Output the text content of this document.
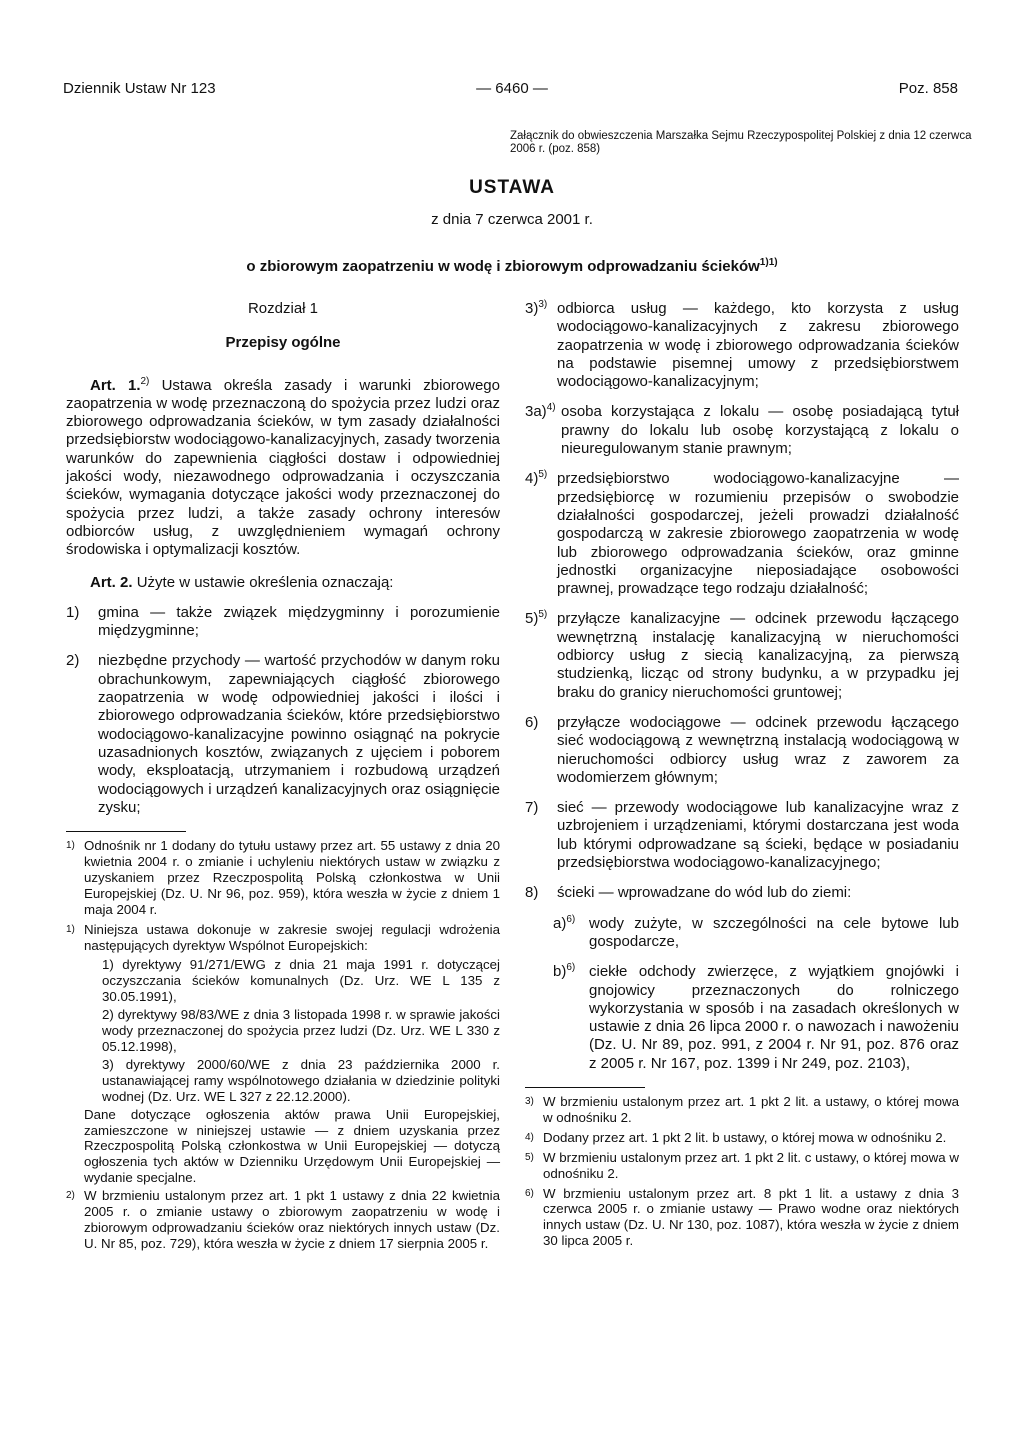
Dziennik Ustaw Nr 123	— 6460 —	Poz. 858
Załącznik do obwieszczenia Marszałka Sejmu Rzeczypospolitej Polskiej z dnia 12 czerwca 2006 r. (poz. 858)
USTAWA
z dnia 7 czerwca 2001 r.
o zbiorowym zaopatrzeniu w wodę i zbiorowym odprowadzaniu ścieków$^{1)1)}$
Rozdział 1
Przepisy ogólne

Art. 1.$^{2)}$ Ustawa określa zasady i warunki zbiorowego zaopatrzenia w wodę przeznaczoną do spożycia przez ludzi oraz zbiorowego odprowadzania ścieków, w tym zasady działalności przedsiębiorstw wodociągowo-kanalizacyjnych, zasady tworzenia warunków do zapewnienia ciągłości dostaw i odpowiedniej jakości wody, niezawodnego odprowadzania i oczyszczania ścieków, wymagania dotyczące jakości wody przeznaczonej do spożycia przez ludzi, a także zasady ochrony interesów odbiorców usług, z uwzględnieniem wymagań ochrony środowiska i optymalizacji kosztów.

Art. 2. Użyte w ustawie określenia oznaczają:

1)	gmina — także związek międzygminny i porozumienie międzygminne;
2)	niezbędne przychody — wartość przychodów w danym roku obrachunkowym, zapewniających ciągłość zbiorowego zaopatrzenia w wodę odpowiedniej jakości i ilości i zbiorowego odprowadzania ścieków, które przedsiębiorstwo wodociągowo-kanalizacyjne powinno osiągnąć na pokrycie uzasadnionych kosztów, związanych z ujęciem i poborem wody, eksploatacją, utrzymaniem i rozbudową urządzeń wodociągowych i urządzeń kanalizacyjnych oraz osiągnięcie zysku;
1) Odnośnik nr 1 dodany do tytułu ustawy przez art. 55 ustawy z dnia 20 kwietnia 2004 r. o zmianie i uchyleniu niektórych ustaw w związku z uzyskaniem przez Rzeczpospolitą Polską członkostwa w Unii Europejskiej (Dz. U. Nr 96, poz. 959), która weszła w życie z dniem 1 maja 2004 r.
1) Niniejsza ustawa dokonuje w zakresie swojej regulacji wdrożenia następujących dyrektyw Wspólnot Europejskich:
1) dyrektywy 91/271/EWG z dnia 21 maja 1991 r. dotyczącej oczyszczania ścieków komunalnych (Dz. Urz. WE L 135 z 30.05.1991),
2) dyrektywy 98/83/WE z dnia 3 listopada 1998 r. w sprawie jakości wody przeznaczonej do spożycia przez ludzi (Dz. Urz. WE L 330 z 05.12.1998),
3) dyrektywy 2000/60/WE z dnia 23 października 2000 r. ustanawiającej ramy wspólnotowego działania w dziedzinie polityki wodnej (Dz. Urz. WE L 327 z 22.12.2000).
Dane dotyczące ogłoszenia aktów prawa Unii Europejskiej, zamieszczone w niniejszej ustawie — z dniem uzyskania przez Rzeczpospolitą Polską członkostwa w Unii Europejskiej — dotyczą ogłoszenia tych aktów w Dzienniku Urzędowym Unii Europejskiej — wydanie specjalne.
2) W brzmieniu ustalonym przez art. 1 pkt 1 ustawy z dnia 22 kwietnia 2005 r. o zmianie ustawy o zbiorowym zaopatrzeniu w wodę i zbiorowym odprowadzaniu ścieków oraz niektórych innych ustaw (Dz. U. Nr 85, poz. 729), która weszła w życie z dniem 17 sierpnia 2005 r.
3)$^{3)}$ odbiorca usług — każdego, kto korzysta z usług wodociągowo-kanalizacyjnych z zakresu zbiorowego zaopatrzenia w wodę i zbiorowego odprowadzania ścieków na podstawie pisemnej umowy z przedsiębiorstwem wodociągowo-kanalizacyjnym;
3a)$^{4)}$ osoba korzystająca z lokalu — osobę posiadającą tytuł prawny do lokalu lub osobę korzystającą z lokalu o nieuregulowanym stanie prawnym;
4)$^{5)}$ przedsiębiorstwo wodociągowo-kanalizacyjne — przedsiębiorcę w rozumieniu przepisów o swobodzie działalności gospodarczej, jeżeli prowadzi działalność gospodarczą w zakresie zbiorowego zaopatrzenia w wodę lub zbiorowego odprowadzania ścieków, oraz gminne jednostki organizacyjne nieposiadające osobowości prawnej, prowadzące tego rodzaju działalność;
5)$^{5)}$ przyłącze kanalizacyjne — odcinek przewodu łączącego wewnętrzną instalację kanalizacyjną w nieruchomości odbiorcy usług z siecią kanalizacyjną, za pierwszą studzienką, licząc od strony budynku, a w przypadku jej braku do granicy nieruchomości gruntowej;
6)	przyłącze wodociągowe — odcinek przewodu łączącego sieć wodociągową z wewnętrzną instalacją wodociągową w nieruchomości odbiorcy usług wraz z zaworem za wodomierzem głównym;
7)	sieć — przewody wodociągowe lub kanalizacyjne wraz z uzbrojeniem i urządzeniami, którymi dostarczana jest woda lub którymi odprowadzane są ścieki, będące w posiadaniu przedsiębiorstwa wodociągowo-kanalizacyjnego;
8)	ścieki — wprowadzane do wód lub do ziemi:
a)$^{6)}$ wody zużyte, w szczególności na cele bytowe lub gospodarcze,
b)$^{6)}$ ciekłe odchody zwierzęce, z wyjątkiem gnojówki i gnojowicy przeznaczonych do rolniczego wykorzystania w sposób i na zasadach określonych w ustawie z dnia 26 lipca 2000 r. o nawozach i nawożeniu (Dz. U. Nr 89, poz. 991, z 2004 r. Nr 91, poz. 876 oraz z 2005 r. Nr 167, poz. 1399 i Nr 249, poz. 2103),
3) W brzmieniu ustalonym przez art. 1 pkt 2 lit. a ustawy, o której mowa w odnośniku 2.
4) Dodany przez art. 1 pkt 2 lit. b ustawy, o której mowa w odnośniku 2.
5) W brzmieniu ustalonym przez art. 1 pkt 2 lit. c ustawy, o której mowa w odnośniku 2.
6) W brzmieniu ustalonym przez art. 8 pkt 1 lit. a ustawy z dnia 3 czerwca 2005 r. o zmianie ustawy — Prawo wodne oraz niektórych innych ustaw (Dz. U. Nr 130, poz. 1087), która weszła w życie z dniem 30 lipca 2005 r.
